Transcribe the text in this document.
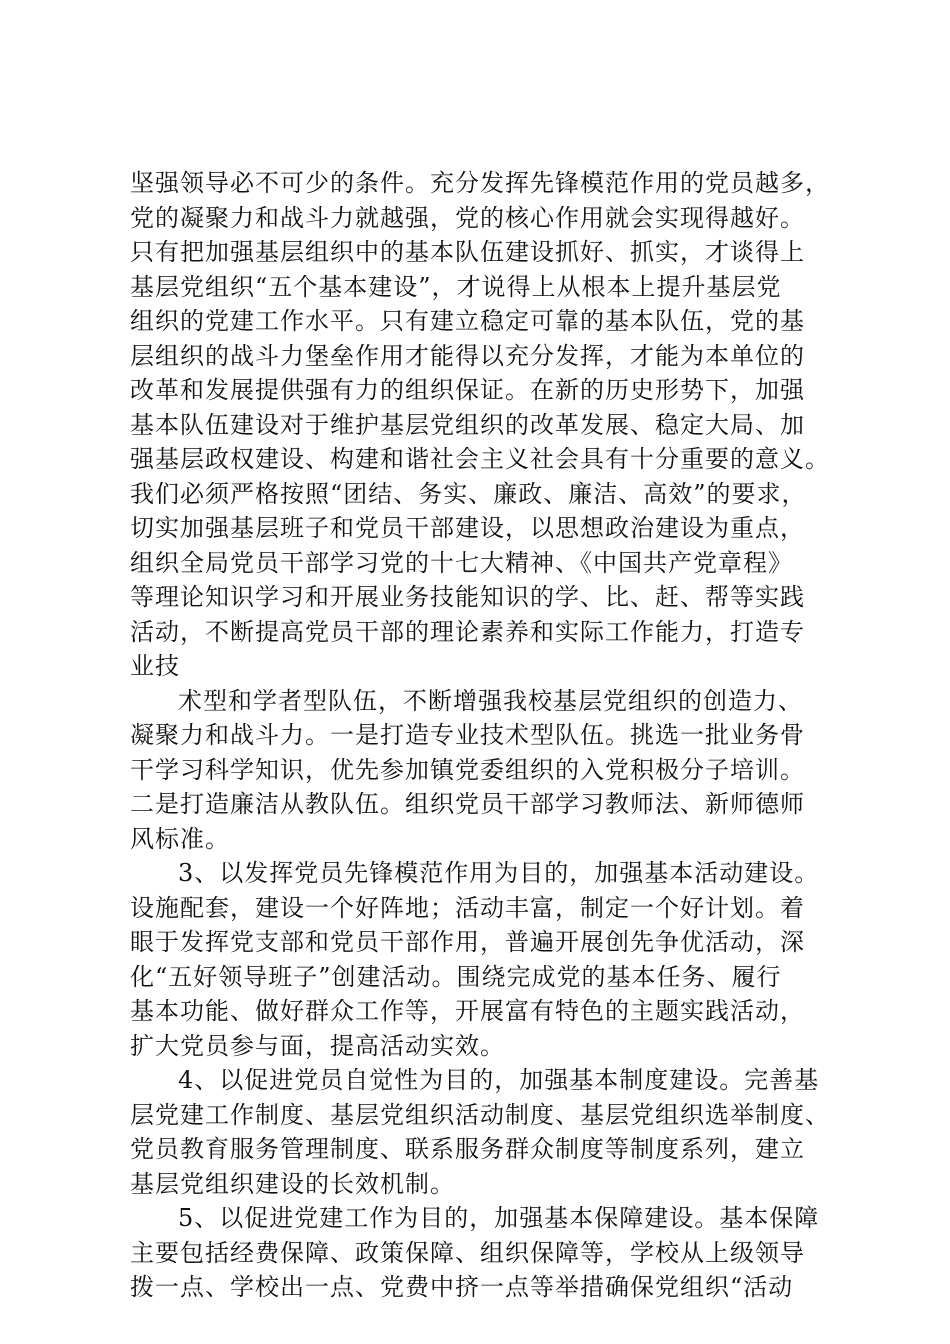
坚强领导必不可少的条件。充分发挥先锋模范作用的党员越多，
党的凝聚力和战斗力就越强，党的核心作用就会实现得越好。
只有把加强基层组织中的基本队伍建设抓好、抓实，才谈得上
基层党组织“五个基本建设”，才说得上从根本上提升基层党
组织的党建工作水平。只有建立稳定可靠的基本队伍，党的基
层组织的战斗力堡垒作用才能得以充分发挥，才能为本单位的
改革和发展提供强有力的组织保证。在新的历史形势下，加强
基本队伍建设对于维护基层党组织的改革发展、稳定大局、加
强基层政权建设、构建和谐社会主义社会具有十分重要的意义。
我们必须严格按照“团结、务实、廉政、廉洁、高效”的要求，
切实加强基层班子和党员干部建设，以思想政治建设为重点，
组织全局党员干部学习党的十七大精神、《中国共产党章程》
等理论知识学习和开展业务技能知识的学、比、赶、帮等实践
活动，不断提高党员干部的理论素养和实际工作能力，打造专
业技
术型和学者型队伍，不断增强我校基层党组织的创造力、
凝聚力和战斗力。一是打造专业技术型队伍。挑选一批业务骨
干学习科学知识，优先参加镇党委组织的入党积极分子培训。
二是打造廉洁从教队伍。组织党员干部学习教师法、新师德师
风标准。
3、以发挥党员先锋模范作用为目的，加强基本活动建设。
设施配套，建设一个好阵地；活动丰富，制定一个好计划。着
眼于发挥党支部和党员干部作用，普遍开展创先争优活动，深
化“五好领导班子”创建活动。围绕完成党的基本任务、履行
基本功能、做好群众工作等，开展富有特色的主题实践活动，
扩大党员参与面，提高活动实效。
4、以促进党员自觉性为目的，加强基本制度建设。完善基
层党建工作制度、基层党组织活动制度、基层党组织选举制度、
党员教育服务管理制度、联系服务群众制度等制度系列，建立
基层党组织建设的长效机制。
5、以促进党建工作为目的，加强基本保障建设。基本保障
主要包括经费保障、政策保障、组织保障等，学校从上级领导
拨一点、学校出一点、党费中挤一点等举措确保党组织“活动
